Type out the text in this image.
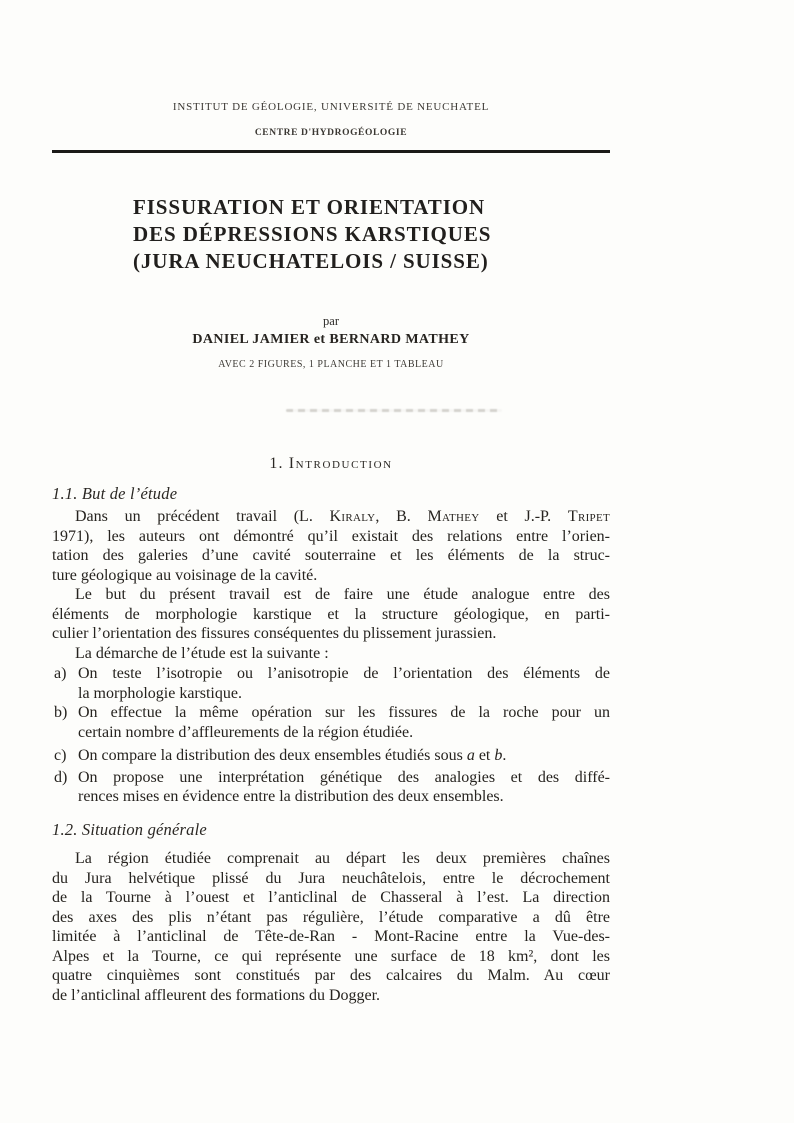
INSTITUT DE GÉOLOGIE, UNIVERSITÉ DE NEUCHATEL
CENTRE D'HYDROGÉOLOGIE
FISSURATION ET ORIENTATION
DES DÉPRESSIONS KARSTIQUES
(JURA NEUCHATELOIS / SUISSE)
par
DANIEL JAMIER et BERNARD MATHEY
AVEC 2 FIGURES, 1 PLANCHE ET 1 TABLEAU
1. Introduction
1.1. But de l’étude

Dans un précédent travail (L. Kiraly, B. Mathey et J.-P. Tripet
1971), les auteurs ont démontré qu’il existait des relations entre l’orien-
tation des galeries d’une cavité souterraine et les éléments de la struc-
ture géologique au voisinage de la cavité.

Le but du présent travail est de faire une étude analogue entre des
éléments de morphologie karstique et la structure géologique, en parti-
culier l’orientation des fissures conséquentes du plissement jurassien.

La démarche de l’étude est la suivante :

a) On teste l’isotropie ou l’anisotropie de l’orientation des éléments de
la morphologie karstique.
b) On effectue la même opération sur les fissures de la roche pour un
certain nombre d’affleurements de la région étudiée.
c) On compare la distribution des deux ensembles étudiés sous a et b.
d) On propose une interprétation génétique des analogies et des diffé-
rences mises en évidence entre la distribution des deux ensembles.
1.2. Situation générale

La région étudiée comprenait au départ les deux premières chaînes
du Jura helvétique plissé du Jura neuchâtelois, entre le décrochement
de la Tourne à l’ouest et l’anticlinal de Chasseral à l’est. La direction
des axes des plis n’étant pas régulière, l’étude comparative a dû être
limitée à l’anticlinal de Tête-de-Ran - Mont-Racine entre la Vue-des-
Alpes et la Tourne, ce qui représente une surface de 18 km², dont les
quatre cinquièmes sont constitués par des calcaires du Malm. Au cœur
de l’anticlinal affleurent des formations du Dogger.
